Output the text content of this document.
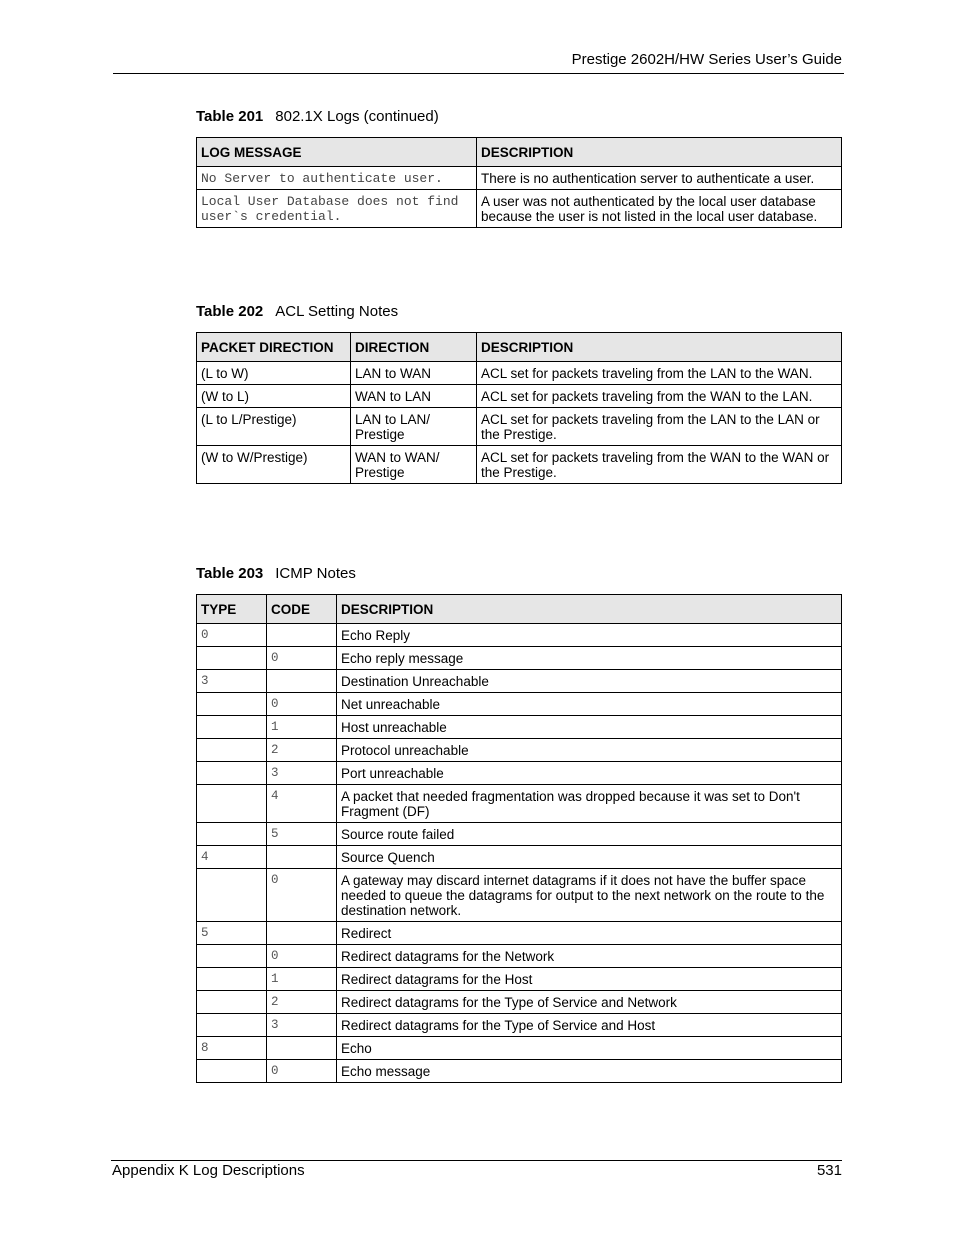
Prestige 2602H/HW Series User’s Guide
Table 201 802.1X Logs (continued)
LOG MESSAGE	DESCRIPTION
No Server to authenticate user.	There is no authentication server to authenticate a user.
Local User Database does not find user`s credential.	A user was not authenticated by the local user database because the user is not listed in the local user database.
Table 202 ACL Setting Notes
PACKET DIRECTION	DIRECTION	DESCRIPTION
(L to W)	LAN to WAN	ACL set for packets traveling from the LAN to the WAN.
(W to L)	WAN to LAN	ACL set for packets traveling from the WAN to the LAN.
(L to L/Prestige)	LAN to LAN/ Prestige	ACL set for packets traveling from the LAN to the LAN or the Prestige.
(W to W/Prestige)	WAN to WAN/ Prestige	ACL set for packets traveling from the WAN to the WAN or the Prestige.
Table 203 ICMP Notes
TYPE	CODE	DESCRIPTION
0		Echo Reply
	0	Echo reply message
3		Destination Unreachable
	0	Net unreachable
	1	Host unreachable
	2	Protocol unreachable
	3	Port unreachable
	4	A packet that needed fragmentation was dropped because it was set to Don't Fragment (DF)
	5	Source route failed
4		Source Quench
	0	A gateway may discard internet datagrams if it does not have the buffer space needed to queue the datagrams for output to the next network on the route to the destination network.
5		Redirect
	0	Redirect datagrams for the Network
	1	Redirect datagrams for the Host
	2	Redirect datagrams for the Type of Service and Network
	3	Redirect datagrams for the Type of Service and Host
8		Echo
	0	Echo message
Appendix K Log Descriptions	531
